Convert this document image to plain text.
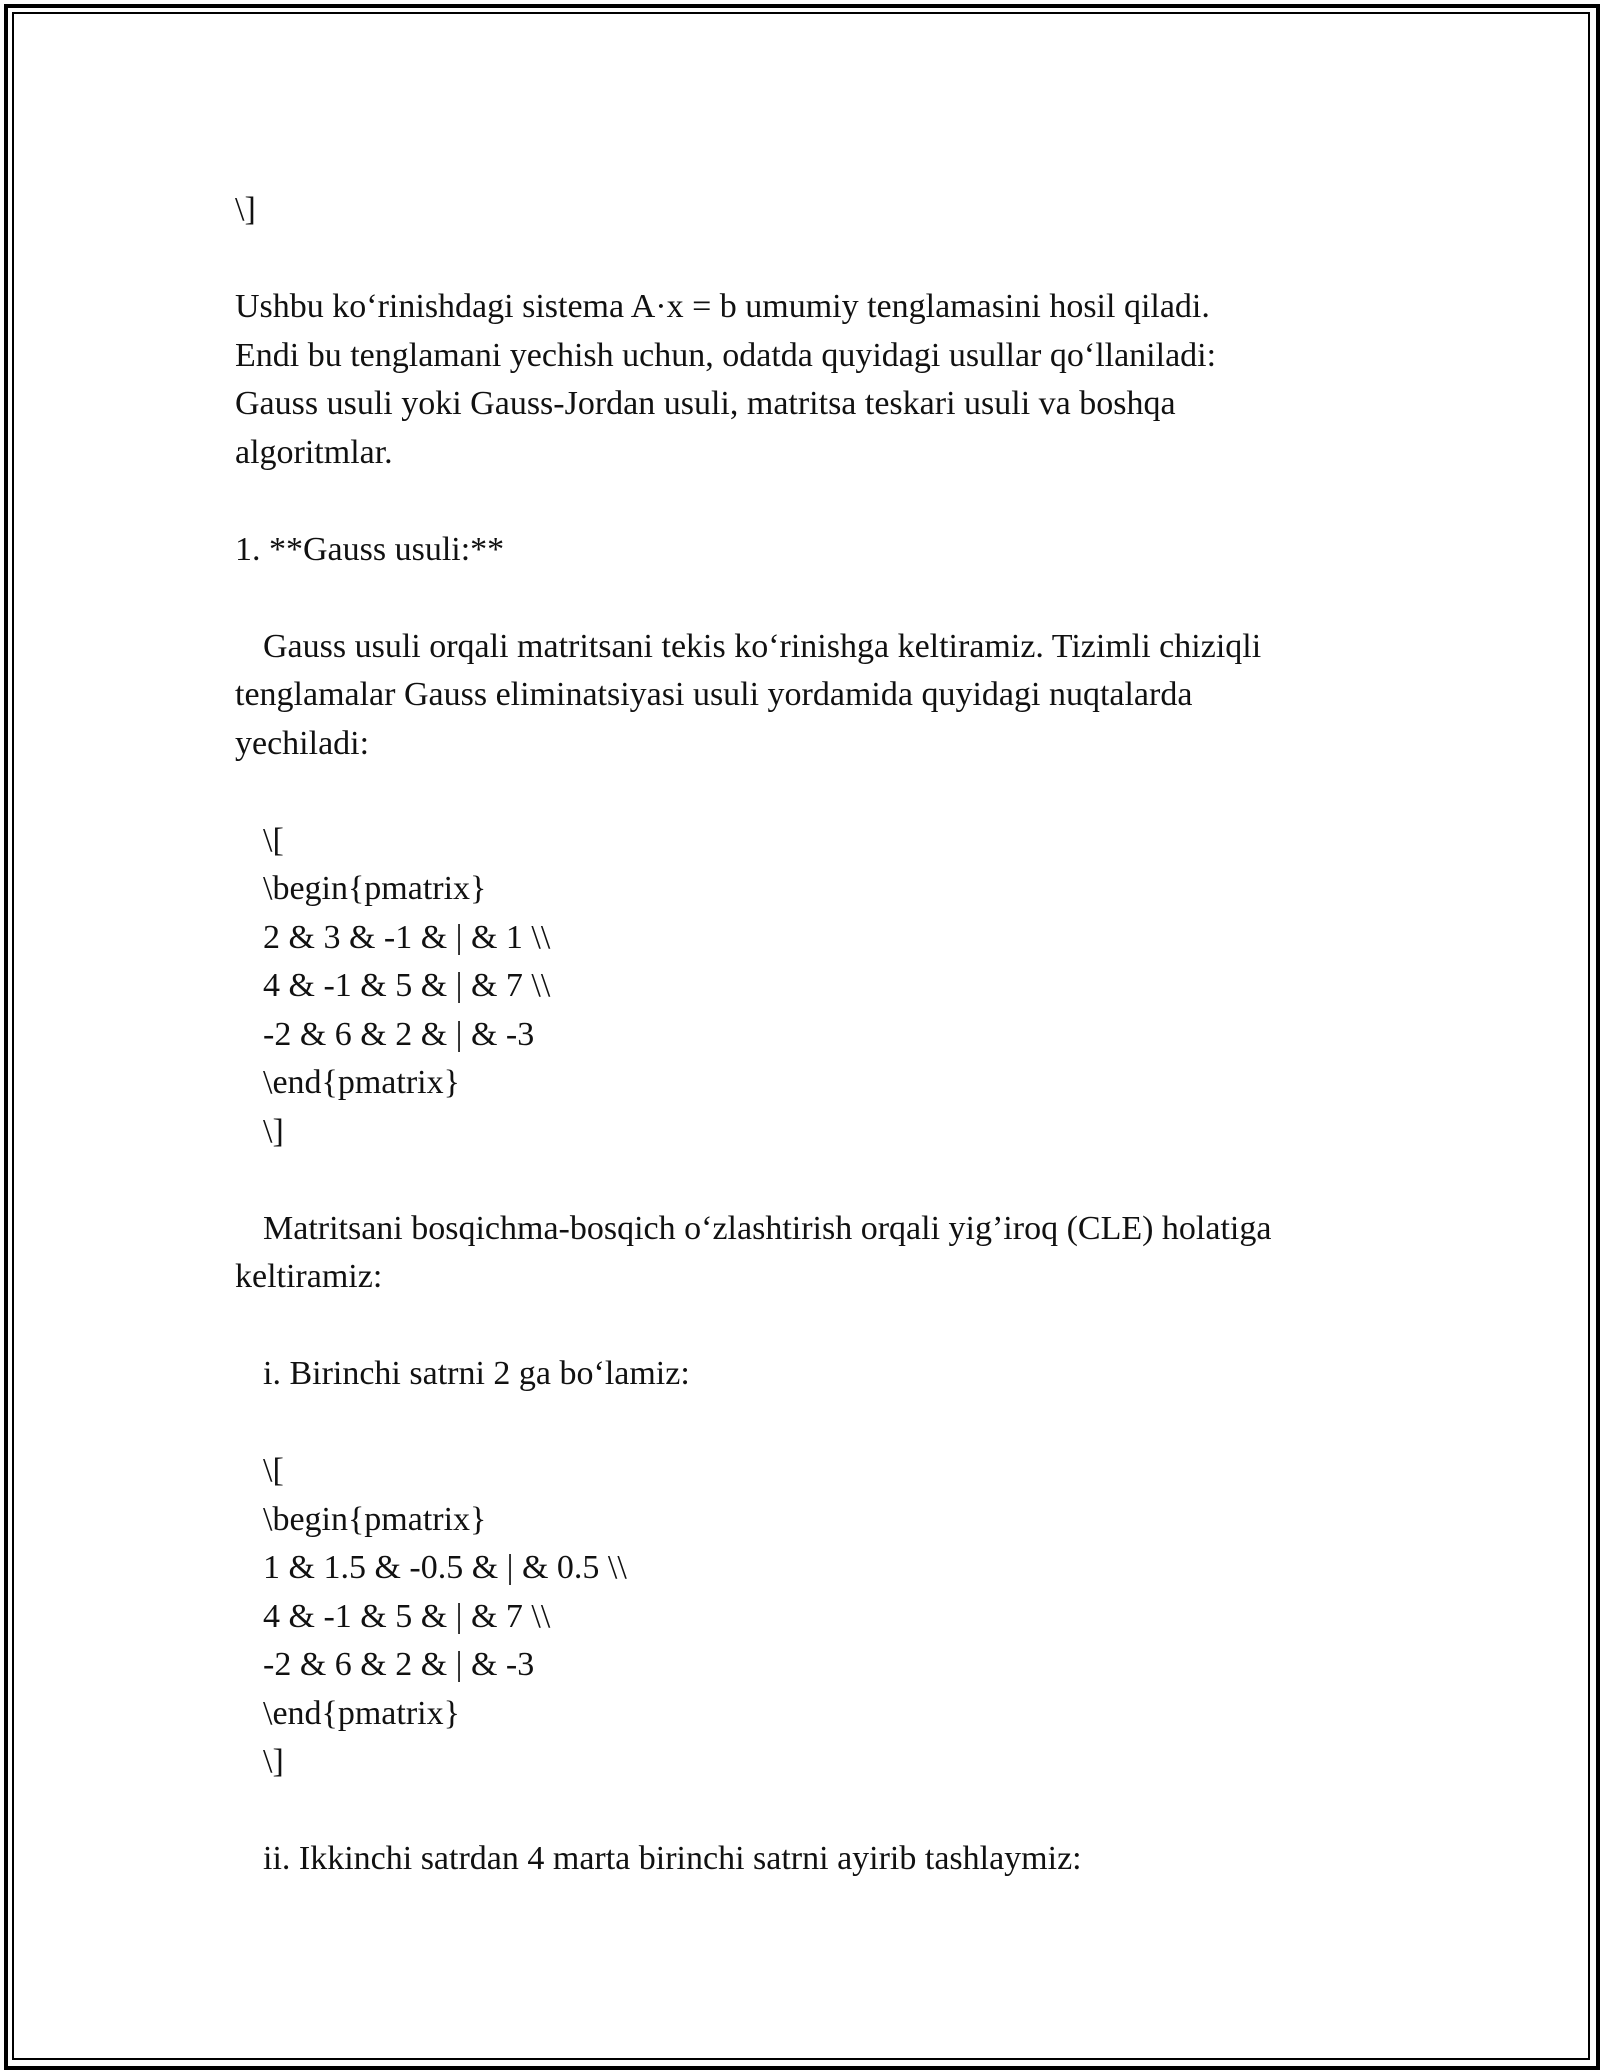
\]

Ushbu ko‘rinishdagi sistema A·x = b umumiy tenglamasini hosil qiladi.

Endi bu tenglamani yechish uchun, odatda quyidagi usullar qo‘llaniladi:

Gauss usuli yoki Gauss-Jordan usuli, matritsa teskari usuli va boshqa

algoritmlar.

1. **Gauss usuli:**

Gauss usuli orqali matritsani tekis ko‘rinishga keltiramiz. Tizimli chiziqli

tenglamalar Gauss eliminatsiyasi usuli yordamida quyidagi nuqtalarda

yechiladi:

\[

\begin{pmatrix}

2 & 3 & -1 & | & 1 \\

4 & -1 & 5 & | & 7 \\

-2 & 6 & 2 & | & -3

\end{pmatrix}

\]

Matritsani bosqichma-bosqich o‘zlashtirish orqali yig’iroq (CLE) holatiga

keltiramiz:

i. Birinchi satrni 2 ga bo‘lamiz:

\[

\begin{pmatrix}

1 & 1.5 & -0.5 & | & 0.5 \\

4 & -1 & 5 & | & 7 \\

-2 & 6 & 2 & | & -3

\end{pmatrix}

\]

ii. Ikkinchi satrdan 4 marta birinchi satrni ayirib tashlaymiz:
